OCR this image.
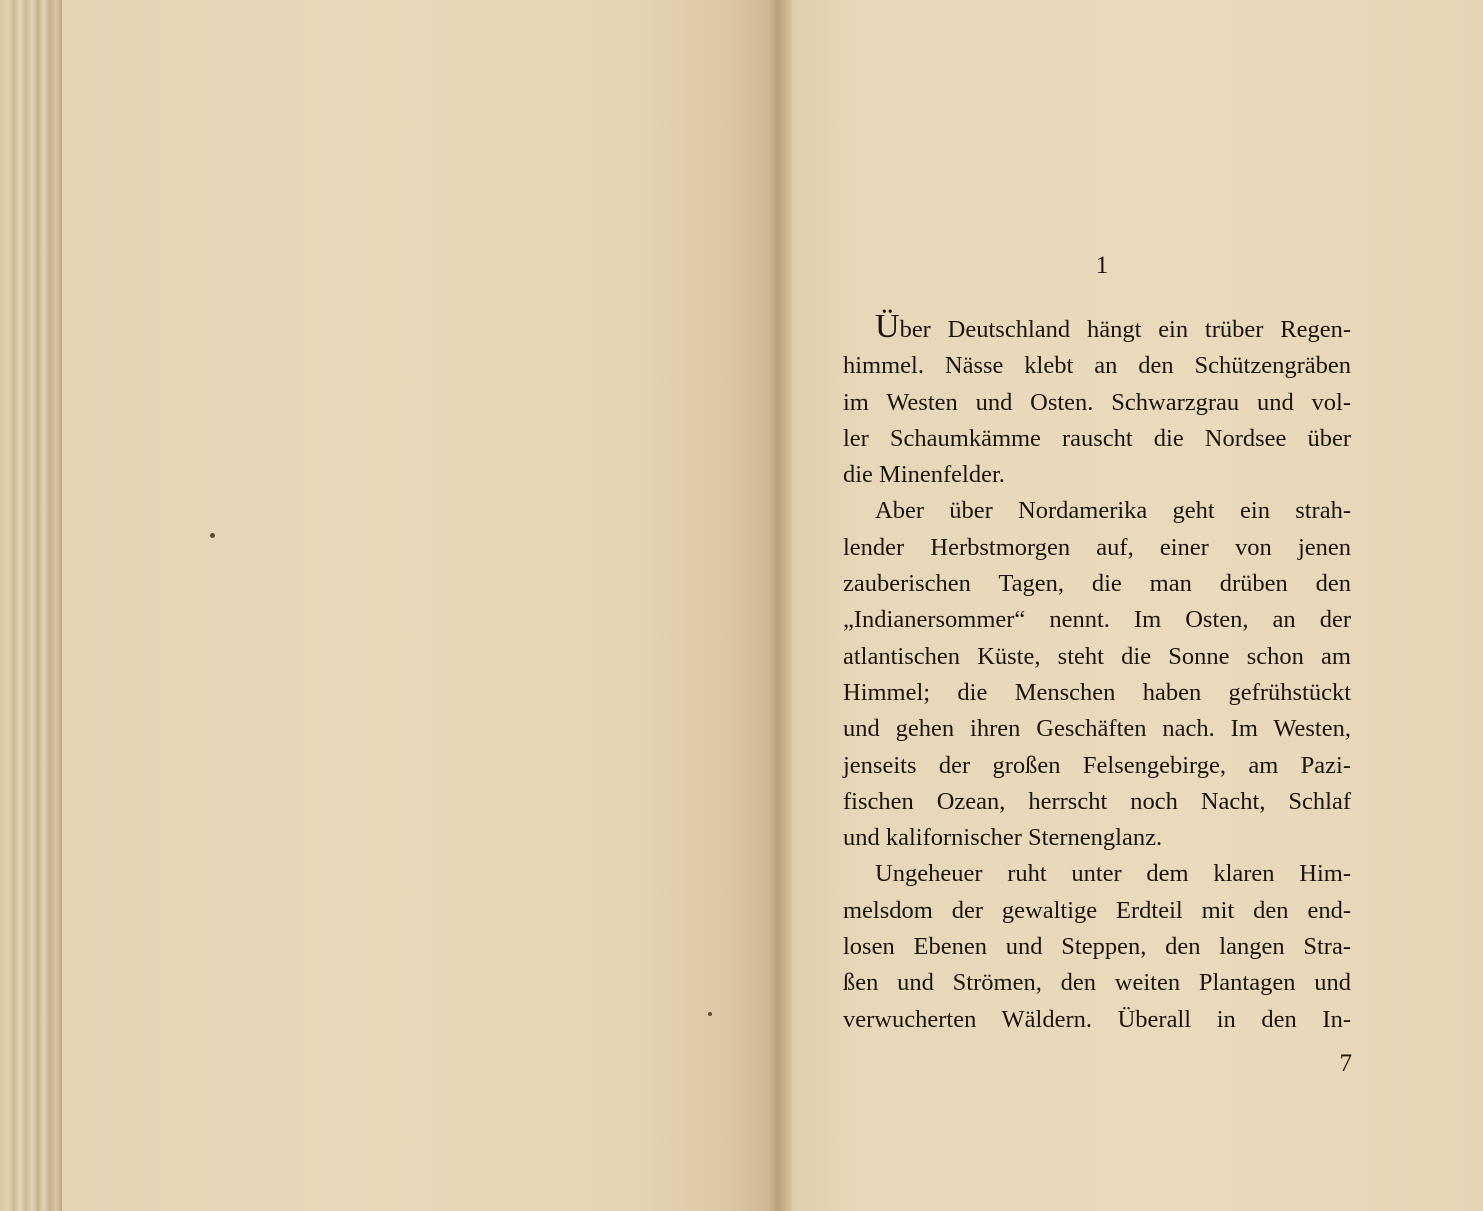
1
Über Deutschland hängt ein trüber Regen-
himmel. Nässe klebt an den Schützengräben
im Westen und Osten. Schwarzgrau und vol-
ler Schaumkämme rauscht die Nordsee über
die Minenfelder.
Aber über Nordamerika geht ein strah-
lender Herbstmorgen auf, einer von jenen
zauberischen Tagen, die man drüben den
„Indianersommer“ nennt. Im Osten, an der
atlantischen Küste, steht die Sonne schon am
Himmel; die Menschen haben gefrühstückt
und gehen ihren Geschäften nach. Im Westen,
jenseits der großen Felsengebirge, am Pazi-
fischen Ozean, herrscht noch Nacht, Schlaf
und kalifornischer Sternenglanz.
Ungeheuer ruht unter dem klaren Him-
melsdom der gewaltige Erdteil mit den end-
losen Ebenen und Steppen, den langen Stra-
ßen und Strömen, den weiten Plantagen und
verwucherten Wäldern. Überall in den In-
7
